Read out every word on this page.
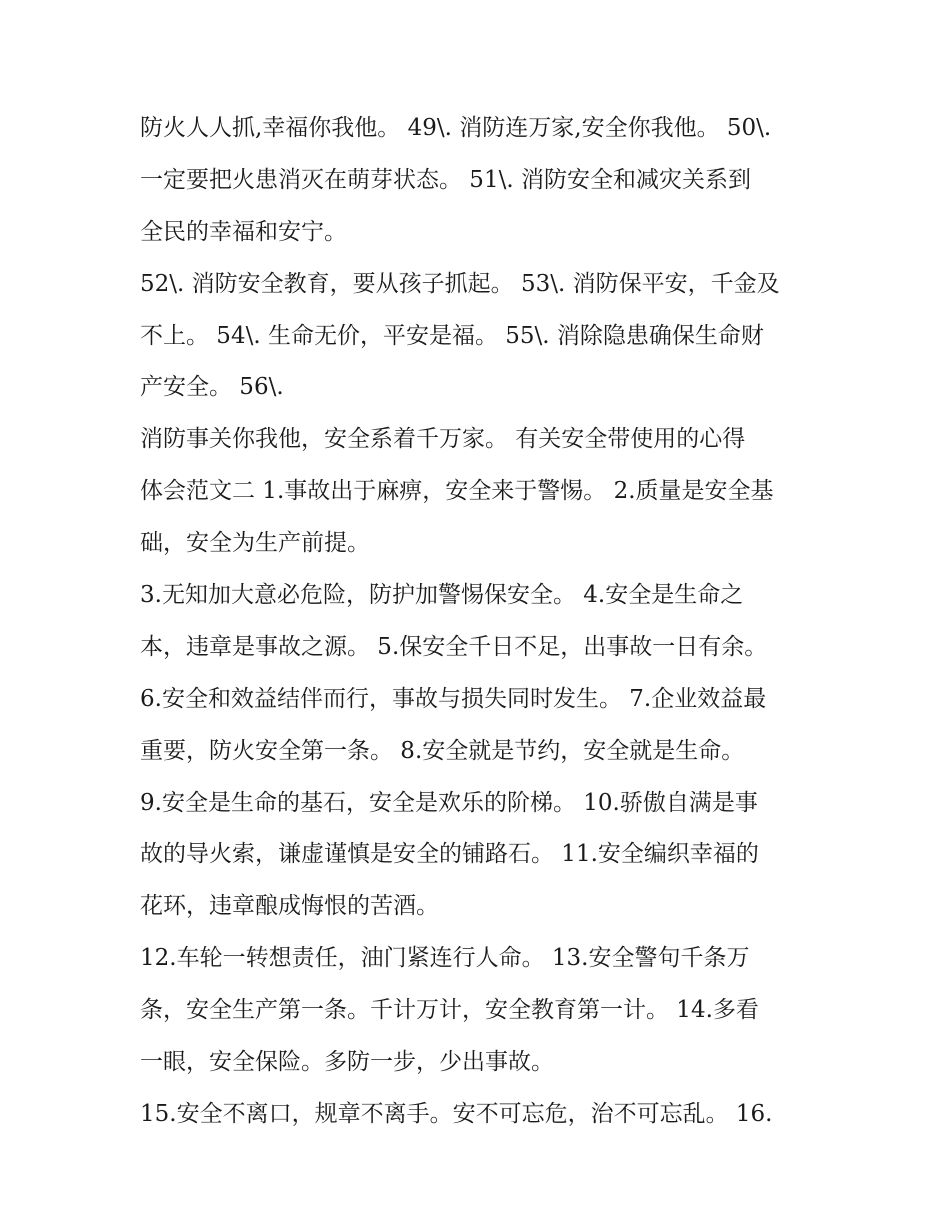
防火人人抓,幸福你我他。 49\. 消防连万家,安全你我他。 50\.
一定要把火患消灭在萌芽状态。 51\. 消防安全和减灾关系到
全民的幸福和安宁。
52\. 消防安全教育，要从孩子抓起。 53\. 消防保平安，千金及
不上。 54\. 生命无价，平安是福。 55\. 消除隐患确保生命财
产安全。 56\.
消防事关你我他，安全系着千万家。 有关安全带使用的心得
体会范文二 1.事故出于麻痹，安全来于警惕。 2.质量是安全基
础，安全为生产前提。
3.无知加大意必危险，防护加警惕保安全。 4.安全是生命之
本，违章是事故之源。 5.保安全千日不足，出事故一日有余。
6.安全和效益结伴而行，事故与损失同时发生。 7.企业效益最
重要，防火安全第一条。 8.安全就是节约，安全就是生命。
9.安全是生命的基石，安全是欢乐的阶梯。 10.骄傲自满是事
故的导火索，谦虚谨慎是安全的铺路石。 11.安全编织幸福的
花环，违章酿成悔恨的苦酒。
12.车轮一转想责任，油门紧连行人命。 13.安全警句千条万
条，安全生产第一条。千计万计，安全教育第一计。 14.多看
一眼，安全保险。多防一步，少出事故。
15.安全不离口，规章不离手。安不可忘危，治不可忘乱。 16.
